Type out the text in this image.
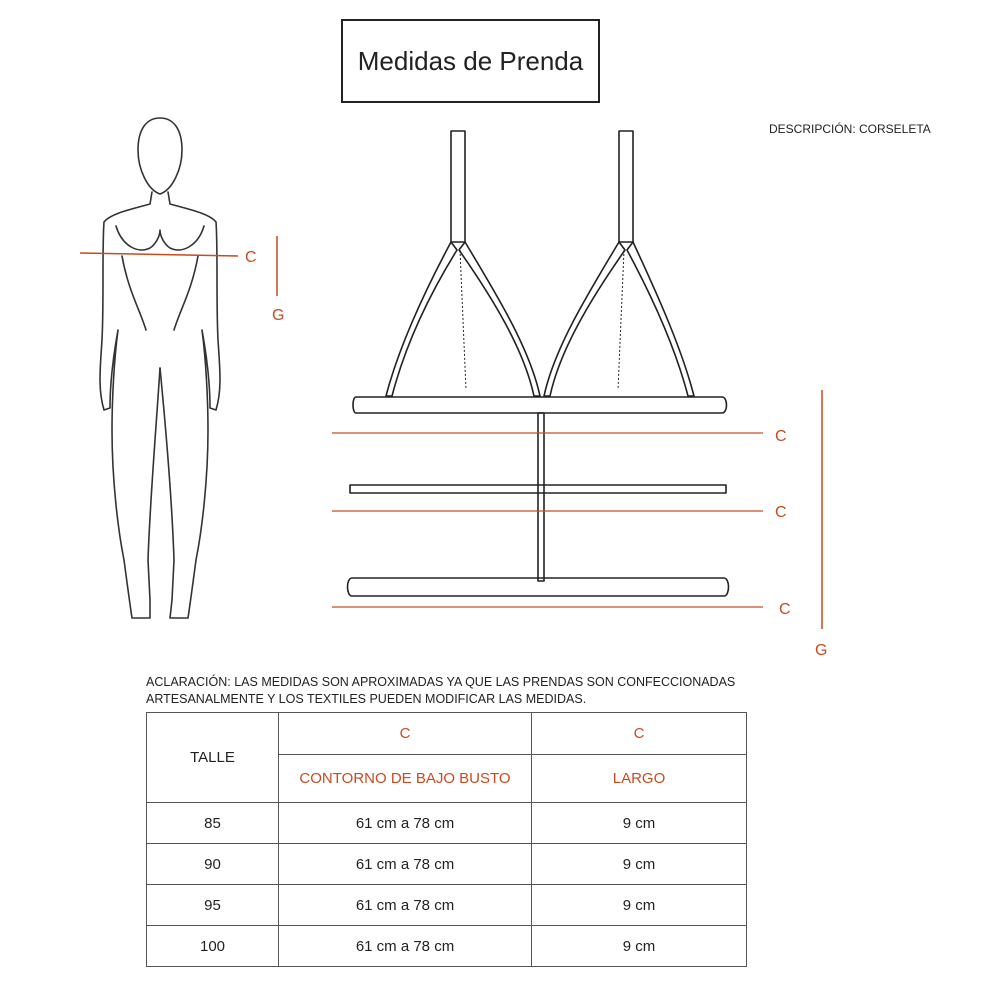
Medidas de Prenda
DESCRIPCIÓN: CORSELETA
C
G
C
C
C
G
ACLARACIÓN: LAS MEDIDAS SON APROXIMADAS YA QUE LAS PRENDAS SON CONFECCIONADAS
ARTESANALMENTE Y LOS TEXTILES PUEDEN MODIFICAR LAS MEDIDAS.
TALLE	C	C
	CONTORNO DE BAJO BUSTO	LARGO
85	61 cm a 78 cm	9 cm
90	61 cm a 78 cm	9 cm
95	61 cm a 78 cm	9 cm
100	61 cm a 78 cm	9 cm
